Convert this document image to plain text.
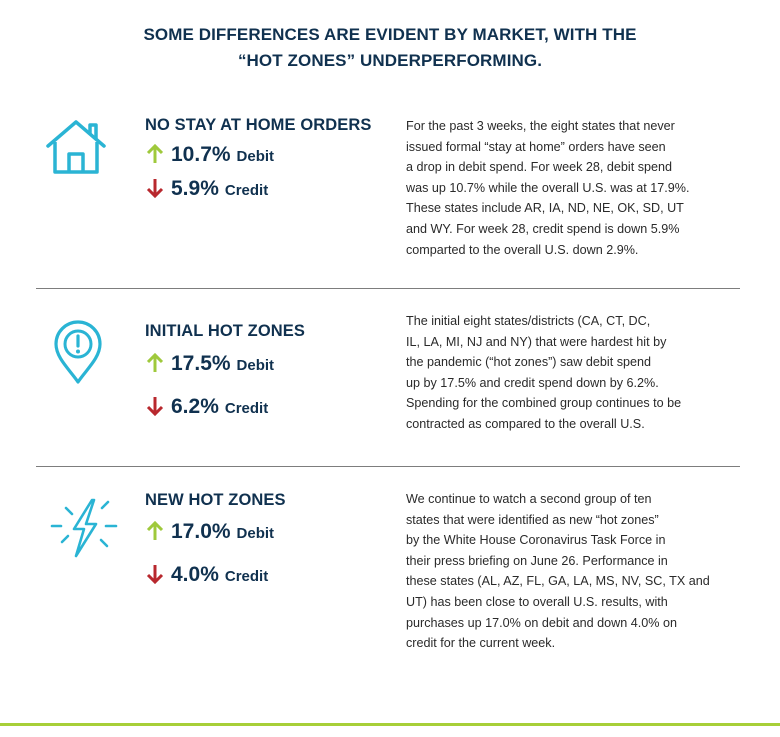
SOME DIFFERENCES ARE EVIDENT BY MARKET, WITH THE
“HOT ZONES” UNDERPERFORMING.
NO STAY AT HOME ORDERS
10.7% Debit
5.9% Credit
For the past 3 weeks, the eight states that never
issued formal “stay at home” orders have seen
a drop in debit spend. For week 28, debit spend
was up 10.7% while the overall U.S. was at 17.9%.
These states include AR, IA, ND, NE, OK, SD, UT
and WY. For week 28, credit spend is down 5.9%
comparted to the overall U.S. down 2.9%.
INITIAL HOT ZONES
17.5% Debit
6.2% Credit
The initial eight states/districts (CA, CT, DC,
IL, LA, MI, NJ and NY) that were hardest hit by
the pandemic (“hot zones”) saw debit spend
up by 17.5% and credit spend down by 6.2%.
Spending for the combined group continues to be
contracted as compared to the overall U.S.
NEW HOT ZONES
17.0% Debit
4.0% Credit
We continue to watch a second group of ten
states that were identified as new “hot zones”
by the White House Coronavirus Task Force in
their press briefing on June 26. Performance in
these states (AL, AZ, FL, GA, LA, MS, NV, SC, TX and
UT) has been close to overall U.S. results, with
purchases up 17.0% on debit and down 4.0% on
credit for the current week.
